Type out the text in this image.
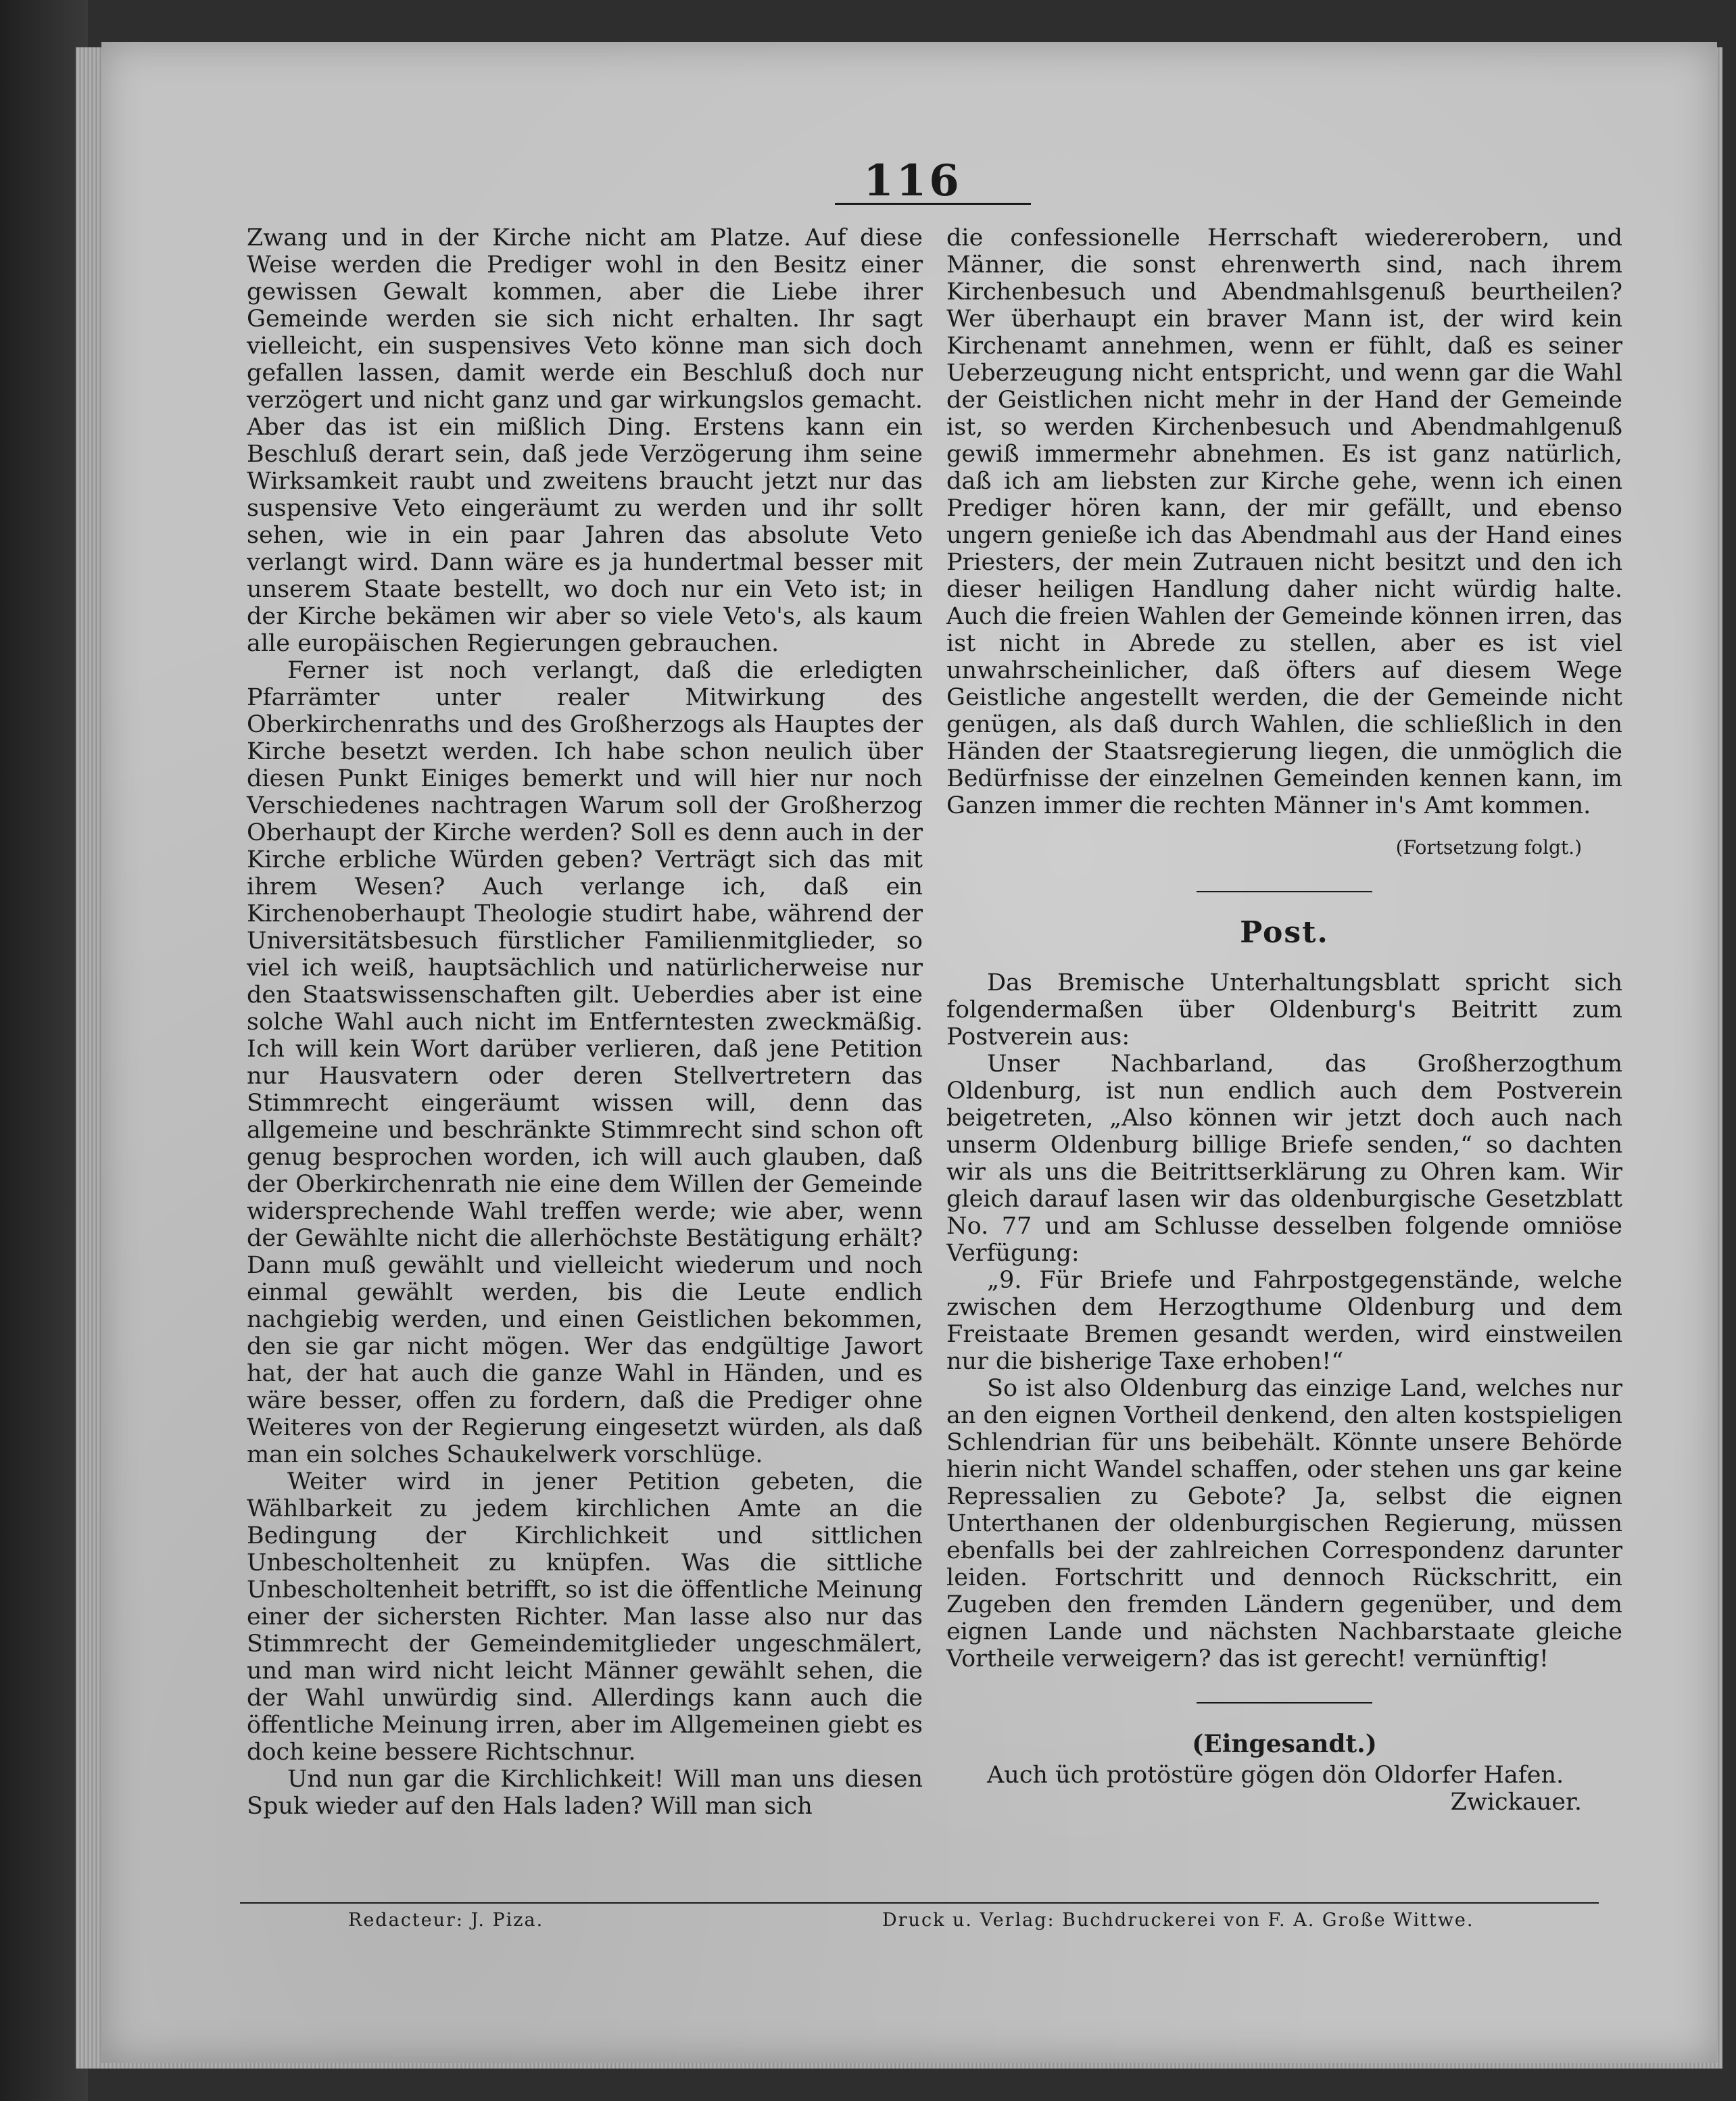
116

Zwang und in der Kirche nicht am Platze. Auf diese Weise werden die Prediger wohl in den Besitz einer gewissen Gewalt kommen, aber die Liebe ihrer Gemeinde werden sie sich nicht erhalten. Ihr sagt vielleicht, ein suspensives Veto könne man sich doch gefallen lassen, damit werde ein Beschluß doch nur verzögert und nicht ganz und gar wirkungslos gemacht. Aber das ist ein mißlich Ding. Erstens kann ein Beschluß derart sein, daß jede Verzögerung ihm seine Wirksamkeit raubt und zweitens braucht jetzt nur das suspensive Veto eingeräumt zu werden und ihr sollt sehen, wie in ein paar Jahren das absolute Veto verlangt wird. Dann wäre es ja hundertmal besser mit unserem Staate bestellt, wo doch nur ein Veto ist; in der Kirche bekämen wir aber so viele Veto's, als kaum alle europäischen Regierungen gebrauchen.

Ferner ist noch verlangt, daß die erledigten Pfarrämter unter realer Mitwirkung des Oberkirchenraths und des Großherzogs als Hauptes der Kirche besetzt werden. Ich habe schon neulich über diesen Punkt Einiges bemerkt und will hier nur noch Verschiedenes nachtragen Warum soll der Großherzog Oberhaupt der Kirche werden? Soll es denn auch in der Kirche erbliche Würden geben? Verträgt sich das mit ihrem Wesen? Auch verlange ich, daß ein Kirchenoberhaupt Theologie studirt habe, während der Universitätsbesuch fürstlicher Familienmitglieder, so viel ich weiß, hauptsächlich und natürlicherweise nur den Staatswissenschaften gilt. Ueberdies aber ist eine solche Wahl auch nicht im Entferntesten zweckmäßig. Ich will kein Wort darüber verlieren, daß jene Petition nur Hausvatern oder deren Stellvertretern das Stimmrecht eingeräumt wissen will, denn das allgemeine und beschränkte Stimmrecht sind schon oft genug besprochen worden, ich will auch glauben, daß der Oberkirchenrath nie eine dem Willen der Gemeinde widersprechende Wahl treffen werde; wie aber, wenn der Gewählte nicht die allerhöchste Bestätigung erhält? Dann muß gewählt und vielleicht wiederum und noch einmal gewählt werden, bis die Leute endlich nachgiebig werden, und einen Geistlichen bekommen, den sie gar nicht mögen. Wer das endgültige Jawort hat, der hat auch die ganze Wahl in Händen, und es wäre besser, offen zu fordern, daß die Prediger ohne Weiteres von der Regierung eingesetzt würden, als daß man ein solches Schaukelwerk vorschlüge.

Weiter wird in jener Petition gebeten, die Wählbarkeit zu jedem kirchlichen Amte an die Bedingung der Kirchlichkeit und sittlichen Unbescholtenheit zu knüpfen. Was die sittliche Unbescholtenheit betrifft, so ist die öffentliche Meinung einer der sichersten Richter. Man lasse also nur das Stimmrecht der Gemeindemitglieder ungeschmälert, und man wird nicht leicht Männer gewählt sehen, die der Wahl unwürdig sind. Allerdings kann auch die öffentliche Meinung irren, aber im Allgemeinen giebt es doch keine bessere Richtschnur.

Und nun gar die Kirchlichkeit! Will man uns diesen Spuk wieder auf den Hals laden? Will man sich

die confessionelle Herrschaft wiedererobern, und Männer, die sonst ehrenwerth sind, nach ihrem Kirchenbesuch und Abendmahlsgenuß beurtheilen? Wer überhaupt ein braver Mann ist, der wird kein Kirchenamt annehmen, wenn er fühlt, daß es seiner Ueberzeugung nicht entspricht, und wenn gar die Wahl der Geistlichen nicht mehr in der Hand der Gemeinde ist, so werden Kirchenbesuch und Abendmahlgenuß gewiß immermehr abnehmen. Es ist ganz natürlich, daß ich am liebsten zur Kirche gehe, wenn ich einen Prediger hören kann, der mir gefällt, und ebenso ungern genieße ich das Abendmahl aus der Hand eines Priesters, der mein Zutrauen nicht besitzt und den ich dieser heiligen Handlung daher nicht würdig halte. Auch die freien Wahlen der Gemeinde können irren, das ist nicht in Abrede zu stellen, aber es ist viel unwahrscheinlicher, daß öfters auf diesem Wege Geistliche angestellt werden, die der Gemeinde nicht genügen, als daß durch Wahlen, die schließlich in den Händen der Staatsregierung liegen, die unmöglich die Bedürfnisse der einzelnen Gemeinden kennen kann, im Ganzen immer die rechten Männer in's Amt kommen.

(Fortsetzung folgt.)

Post.

Das Bremische Unterhaltungsblatt spricht sich folgendermaßen über Oldenburg's Beitritt zum Postverein aus:

Unser Nachbarland, das Großherzogthum Oldenburg, ist nun endlich auch dem Postverein beigetreten, „Also können wir jetzt doch auch nach unserm Oldenburg billige Briefe senden,“ so dachten wir als uns die Beitrittserklärung zu Ohren kam. Wir gleich darauf lasen wir das oldenburgische Gesetzblatt No. 77 und am Schlusse desselben folgende omniöse Verfügung:

„9. Für Briefe und Fahrpostgegenstände, welche zwischen dem Herzogthume Oldenburg und dem Freistaate Bremen gesandt werden, wird einstweilen nur die bisherige Taxe erhoben!“

So ist also Oldenburg das einzige Land, welches nur an den eignen Vortheil denkend, den alten kostspieligen Schlendrian für uns beibehält. Könnte unsere Behörde hierin nicht Wandel schaffen, oder stehen uns gar keine Repressalien zu Gebote? Ja, selbst die eignen Unterthanen der oldenburgischen Regierung, müssen ebenfalls bei der zahlreichen Correspondenz darunter leiden. Fortschritt und dennoch Rückschritt, ein Zugeben den fremden Ländern gegenüber, und dem eignen Lande und nächsten Nachbarstaate gleiche Vortheile verweigern? das ist gerecht! vernünftig!

(Eingesandt.)

Auch üch protöstüre gögen dön Oldorfer Hafen.

Zwickauer.

Redacteur: J. Piza.	Druck u. Verlag: Buchdruckerei von F. A. Große Wittwe.
